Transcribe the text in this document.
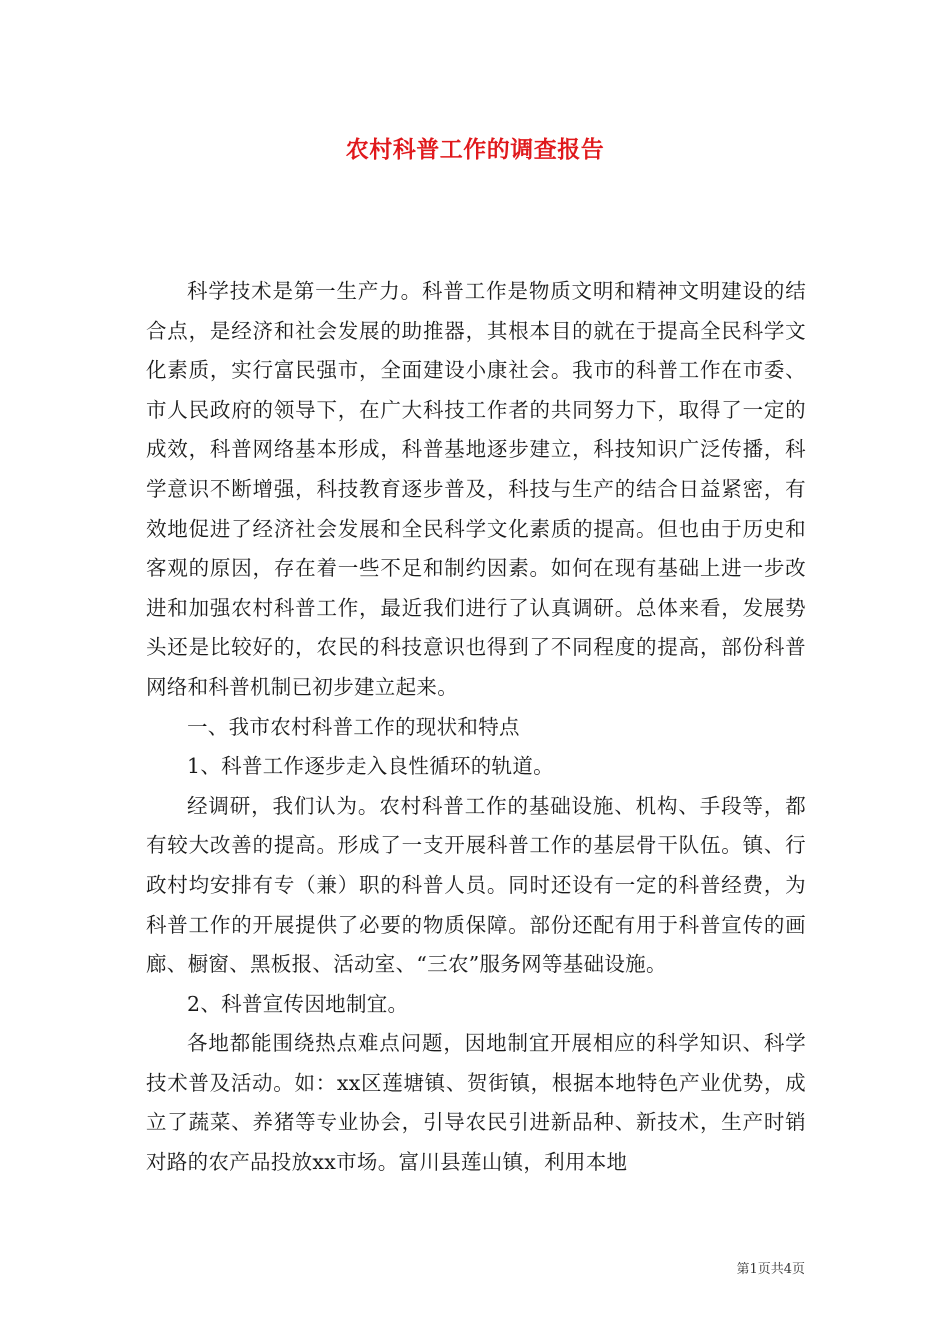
农村科普工作的调查报告

科学技术是第一生产力。科普工作是物质文明和精神文明建设的结合点，是经济和社会发展的助推器，其根本目的就在于提高全民科学文化素质，实行富民强市，全面建设小康社会。我市的科普工作在市委、市人民政府的领导下，在广大科技工作者的共同努力下，取得了一定的成效，科普网络基本形成，科普基地逐步建立，科技知识广泛传播，科学意识不断增强，科技教育逐步普及，科技与生产的结合日益紧密，有效地促进了经济社会发展和全民科学文化素质的提高。但也由于历史和客观的原因，存在着一些不足和制约因素。如何在现有基础上进一步改进和加强农村科普工作，最近我们进行了认真调研。总体来看，发展势头还是比较好的，农民的科技意识也得到了不同程度的提高，部份科普网络和科普机制已初步建立起来。

一、我市农村科普工作的现状和特点

1、科普工作逐步走入良性循环的轨道。

经调研，我们认为。农村科普工作的基础设施、机构、手段等，都有较大改善的提高。形成了一支开展科普工作的基层骨干队伍。镇、行政村均安排有专（兼）职的科普人员。同时还设有一定的科普经费，为科普工作的开展提供了必要的物质保障。部份还配有用于科普宣传的画廊、橱窗、黑板报、活动室、“三农”服务网等基础设施。

2、科普宣传因地制宜。

各地都能围绕热点难点问题，因地制宜开展相应的科学知识、科学技术普及活动。如：xx区莲塘镇、贺街镇，根据本地特色产业优势，成立了蔬菜、养猪等专业协会，引导农民引进新品种、新技术，生产时销对路的农产品投放xx市场。富川县莲山镇，利用本地

第1页共4页
